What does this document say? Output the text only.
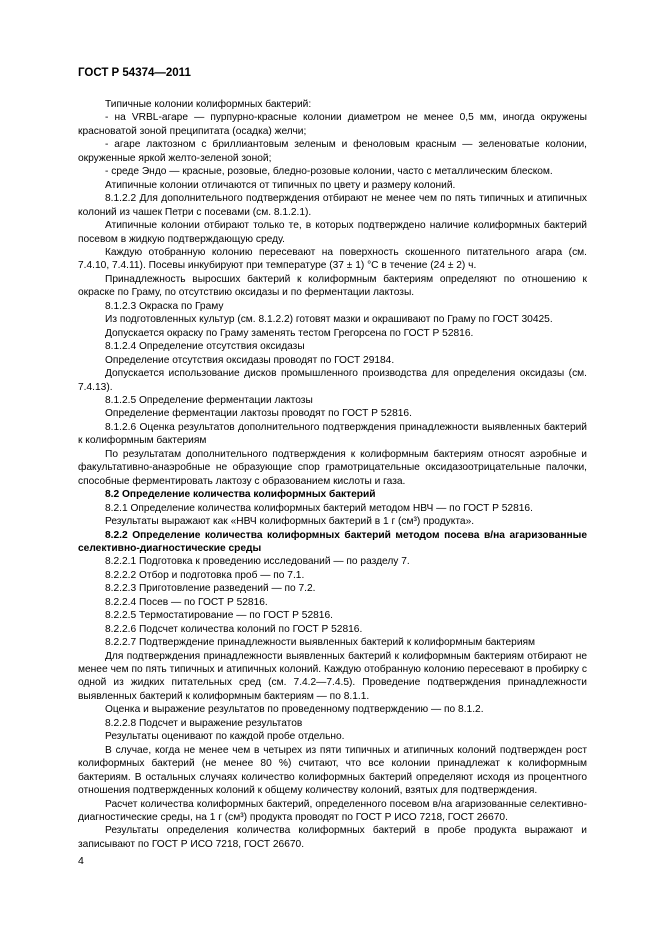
ГОСТ Р 54374—2011

Типичные колонии колиформных бактерий:

- на VRBL-агаре — пурпурно-красные колонии диаметром не менее 0,5 мм, иногда окружены красноватой зоной преципитата (осадка) желчи;

- агаре лактозном с бриллиантовым зеленым и феноловым красным — зеленоватые колонии, окруженные яркой желто-зеленой зоной;

- среде Эндо — красные, розовые, бледно-розовые колонии, часто с металлическим блеском.

Атипичные колонии отличаются от типичных по цвету и размеру колоний.

8.1.2.2 Для дополнительного подтверждения отбирают не менее чем по пять типичных и атипичных колоний из чашек Петри с посевами (см. 8.1.2.1).

Атипичные колонии отбирают только те, в которых подтверждено наличие колиформных бактерий посевом в жидкую подтверждающую среду.

Каждую отобранную колонию пересевают на поверхность скошенного питательного агара (см. 7.4.10, 7.4.11). Посевы инкубируют при температуре (37 ± 1) °С в течение (24 ± 2) ч.

Принадлежность выросших бактерий к колиформным бактериям определяют по отношению к окраске по Граму, по отсутствию оксидазы и по ферментации лактозы.

8.1.2.3 Окраска по Граму

Из подготовленных культур (см. 8.1.2.2) готовят мазки и окрашивают по Граму по ГОСТ 30425.

Допускается окраску по Граму заменять тестом Грегорсена по ГОСТ Р 52816.

8.1.2.4 Определение отсутствия оксидазы

Определение отсутствия оксидазы проводят по ГОСТ 29184.

Допускается использование дисков промышленного производства для определения оксидазы (см. 7.4.13).

8.1.2.5 Определение ферментации лактозы

Определение ферментации лактозы проводят по ГОСТ Р 52816.

8.1.2.6 Оценка результатов дополнительного подтверждения принадлежности выявленных бактерий к колиформным бактериям

По результатам дополнительного подтверждения к колиформным бактериям относят аэробные и факультативно-анаэробные не образующие спор грамотрицательные оксидазоотрицательные палочки, способные ферментировать лактозу с образованием кислоты и газа.

8.2 Определение количества колиформных бактерий

8.2.1 Определение количества колиформных бактерий методом НВЧ — по ГОСТ Р 52816.

Результаты выражают как «НВЧ колиформных бактерий в 1 г (см³) продукта».

8.2.2 Определение количества колиформных бактерий методом посева в/на агаризованные селективно-диагностические среды

8.2.2.1 Подготовка к проведению исследований — по разделу 7.

8.2.2.2 Отбор и подготовка проб — по 7.1.

8.2.2.3 Приготовление разведений — по 7.2.

8.2.2.4 Посев — по ГОСТ Р 52816.

8.2.2.5 Термостатирование — по ГОСТ Р 52816.

8.2.2.6 Подсчет количества колоний по ГОСТ Р 52816.

8.2.2.7 Подтверждение принадлежности выявленных бактерий к колиформным бактериям

Для подтверждения принадлежности выявленных бактерий к колиформным бактериям отбирают не менее чем по пять типичных и атипичных колоний. Каждую отобранную колонию пересевают в пробирку с одной из жидких питательных сред (см. 7.4.2—7.4.5). Проведение подтверждения принадлежности выявленных бактерий к колиформным бактериям — по 8.1.1.

Оценка и выражение результатов по проведенному подтверждению — по 8.1.2.

8.2.2.8 Подсчет и выражение результатов

Результаты оценивают по каждой пробе отдельно.

В случае, когда не менее чем в четырех из пяти типичных и атипичных колоний подтвержден рост колиформных бактерий (не менее 80 %) считают, что все колонии принадлежат к колиформным бактериям. В остальных случаях количество колиформных бактерий определяют исходя из процентного отношения подтвержденных колоний к общему количеству колоний, взятых для подтверждения.

Расчет количества колиформных бактерий, определенного посевом в/на агаризованные селективно-диагностические среды, на 1 г (см³) продукта проводят по ГОСТ Р ИСО 7218, ГОСТ 26670.

Результаты определения количества колиформных бактерий в пробе продукта выражают и записывают по ГОСТ Р ИСО 7218, ГОСТ 26670.

4
